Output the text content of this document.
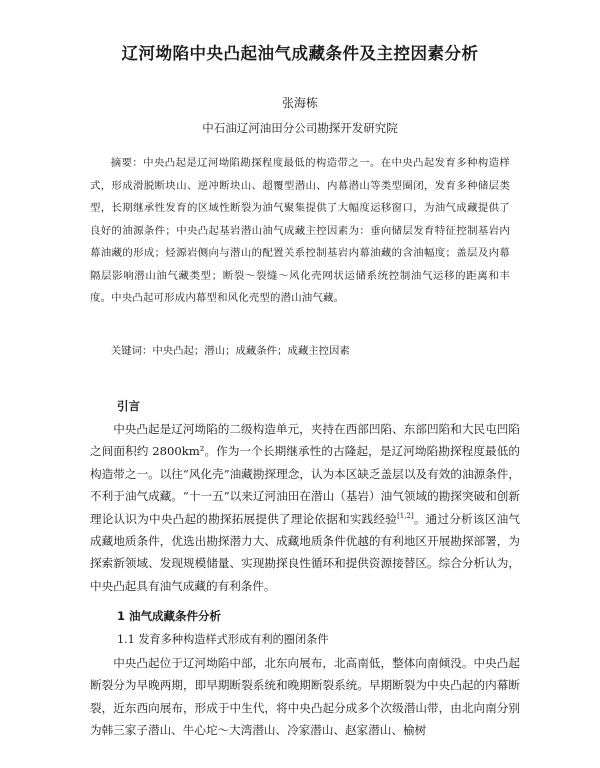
辽河坳陷中央凸起油气成藏条件及主控因素分析
张海栋
中石油辽河油田分公司勘探开发研究院
摘要：中央凸起是辽河坳陷勘探程度最低的构造带之一。在中央凸起发育多种构造样式，形成滑脱断块山、逆冲断块山、超覆型潜山、内幕潜山等类型圈闭，发育多种储层类型，长期继承性发育的区域性断裂为油气聚集提供了大幅度运移窗口，为油气成藏提供了良好的油源条件；中央凸起基岩潜山油气成藏主控因素为：垂向储层发育特征控制基岩内幕油藏的形成；烃源岩侧向与潜山的配置关系控制基岩内幕油藏的含油幅度；盖层及内幕隔层影响潜山油气藏类型；断裂～裂缝～风化壳网状运储系统控制油气运移的距离和丰度。中央凸起可形成内幕型和风化壳型的潜山油气藏。
关键词：中央凸起；潜山；成藏条件；成藏主控因素
引言
中央凸起是辽河坳陷的二级构造单元，夹持在西部凹陷、东部凹陷和大民屯凹陷之间面积约 2800km²。作为一个长期继承性的古隆起，是辽河坳陷勘探程度最低的构造带之一。以往“风化壳”油藏勘探理念，认为本区缺乏盖层以及有效的油源条件，不利于油气成藏。“十一五”以来辽河油田在潜山（基岩）油气领域的勘探突破和创新理论认识为中央凸起的勘探拓展提供了理论依据和实践经验[1,2]。通过分析该区油气成藏地质条件，优选出勘探潜力大、成藏地质条件优越的有利地区开展勘探部署，为探索新领域、发现规模储量、实现勘探良性循环和提供资源接替区。综合分析认为，中央凸起具有油气成藏的有利条件。
1 油气成藏条件分析
1.1 发育多种构造样式形成有利的圈闭条件
中央凸起位于辽河坳陷中部，北东向展布，北高南低，整体向南倾没。中央凸起断裂分为早晚两期，即早期断裂系统和晚期断裂系统。早期断裂为中央凸起的内幕断裂，近东西向展布，形成于中生代，将中央凸起分成多个次级潜山带，由北向南分别为韩三家子潜山、牛心坨～大湾潜山、冷家潜山、赵家潜山、榆树
